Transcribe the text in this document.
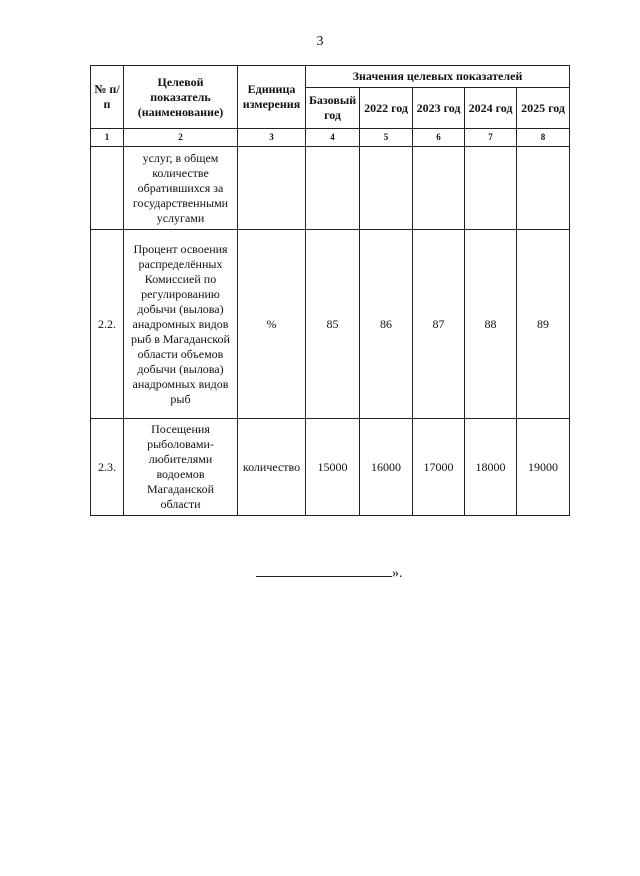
3
№ п/п	Целевой показатель (наименование)	Единица измерения	Значения целевых показателей				
			Базовый год	2022 год	2023 год	2024 год	2025 год
1	2	3	4	5	6	7	8
	услуг, в общем количестве обратившихся за государственными услугами						
2.2.	Процент освоения распределённых Комиссией по регулированию добычи (вылова) анадромных видов рыб в Магаданской области объемов добычи (вылова) анадромных видов рыб	%	85	86	87	88	89
2.3.	Посещения рыболовами-любителями водоемов Магаданской области	количество	15000	16000	17000	18000	19000
».
